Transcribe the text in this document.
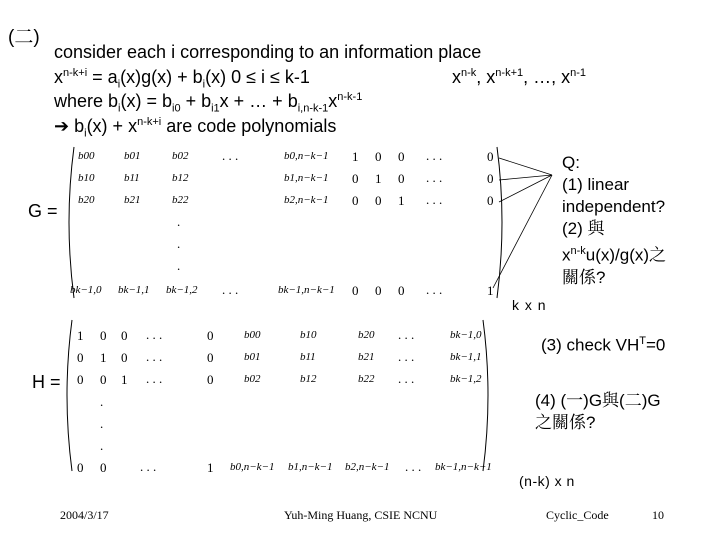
(二)
consider each i corresponding to an information place
$x^{n-k+i} = a_i(x)g(x) + b_i(x) 0 \le i \le k-1$	$x^{n-k}$, $x^{n-k+1}$, …, $x^{n-1}$
where $b_i(x) = b_{i0} + b_{i1}x$ + … + $b_{i,n-k-1}x^{n-k-1}$
➔ $b_i(x) + x^{n-k+i}$ are code polynomials
G =
b00	b01	b02	. . .	b0,n−k−1 1 0 0 . . .	0
b10	b11	b12	b1,n−k−1 0 1 0 . . .	0
b20	b21	b22	b2,n−k−1 0 0 1 . . .	0
.
.
.
bk−1,0 bk−1,1 bk−1,2 . . .	bk−1,n−k−1 0 0 0 . . .	1
k x n
Q:
(1) linear
independent?
(2) 與
$x^{n-k}u(x)/g(x)$之
關係?
(3) check $VH^T=0$
(4) (一)G與(二)G
之關係?
H =
1 0 0 . . .	0	b00	b10	b20 . . .	bk−1,0
0 1 0 . . .	0	b01	b11	b21 . . .	bk−1,1
0 0 1 . . .	0	b02	b12	b22 . . .	bk−1,2
.
.
.
0 0	. . .	1 b0,n−k−1 b1,n−k−1 b2,n−k−1 . . . bk−1,n−k−1
(n-k) x n
2004/3/17	Yuh-Ming Huang, CSIE NCNU	Cyclic_Code	10
